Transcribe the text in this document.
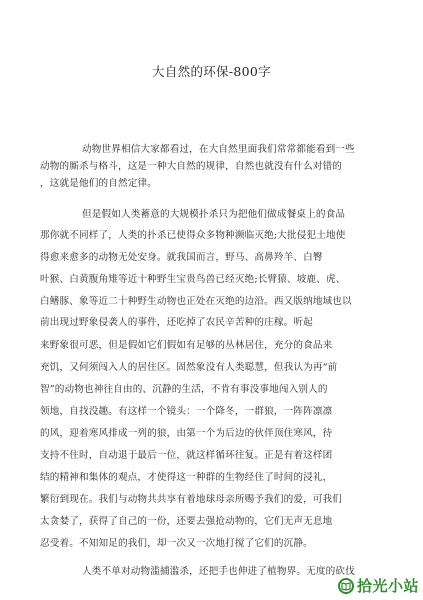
大自然的环保-800字
动物世界相信大家都看过，在大自然里面我们常常都能看到一些
动物的厮杀与格斗，这是一种大自然的规律，自然也就没有什么对错的
，这就是他们的自然定律。
但是假如人类蓄意的大规模扑杀只为把他们做成餐桌上的食品
那你就不同样了，人类的扑杀已使得众多物种濒临灭绝;大批侵犯土地使
得愈来愈多的动物无处安身。就我国而言，野马、高鼻羚羊、白臀
叶猴、白黄腹角雉等近十种野生宝贵鸟兽已经灭绝;长臂猿、坡鹿、虎、
白鳍豚、象等近二十种野生动物也正处在灭绝的边沿。西又版纳地域也以
前出现过野象侵袭人的事件，还吃掉了农民辛苦种的庄稼。听起
来野象很可恶，但是假如它们假如有足够的丛林居住，充分的食品来
充饥，又何须闯入人的居住区。固然象没有人类聪慧，但我认为再“前
智”的动物也神往自由的、沉静的生活，不肯有事没事地闯入别人的
领地，自找没趣。有这样一个镜头：一个降冬，一群狼，一阵阵凛凛
的风，迎着寒风排成一列的狼，由第一个为后边的伙伴顶住寒风，待
支持不住时，自动退于最后一位，就这样循环往复。正是有着这样团
结的精神和集体的观点，才使得这一种群的生物经住了时间的浸礼，
繁衍到现在。我们与动物共共享有着地球母亲所赐予我们的爱，可我们
太贪婪了，获得了自己的一份，还要去强抢动物的，它们无声无息地
忍受着。不知知足的我们，却一次又一次地打搅了它们的沉静。
人类不单对动物滥捕滥杀，还把手也伸进了植物界。无度的砍伐
拾光小站
